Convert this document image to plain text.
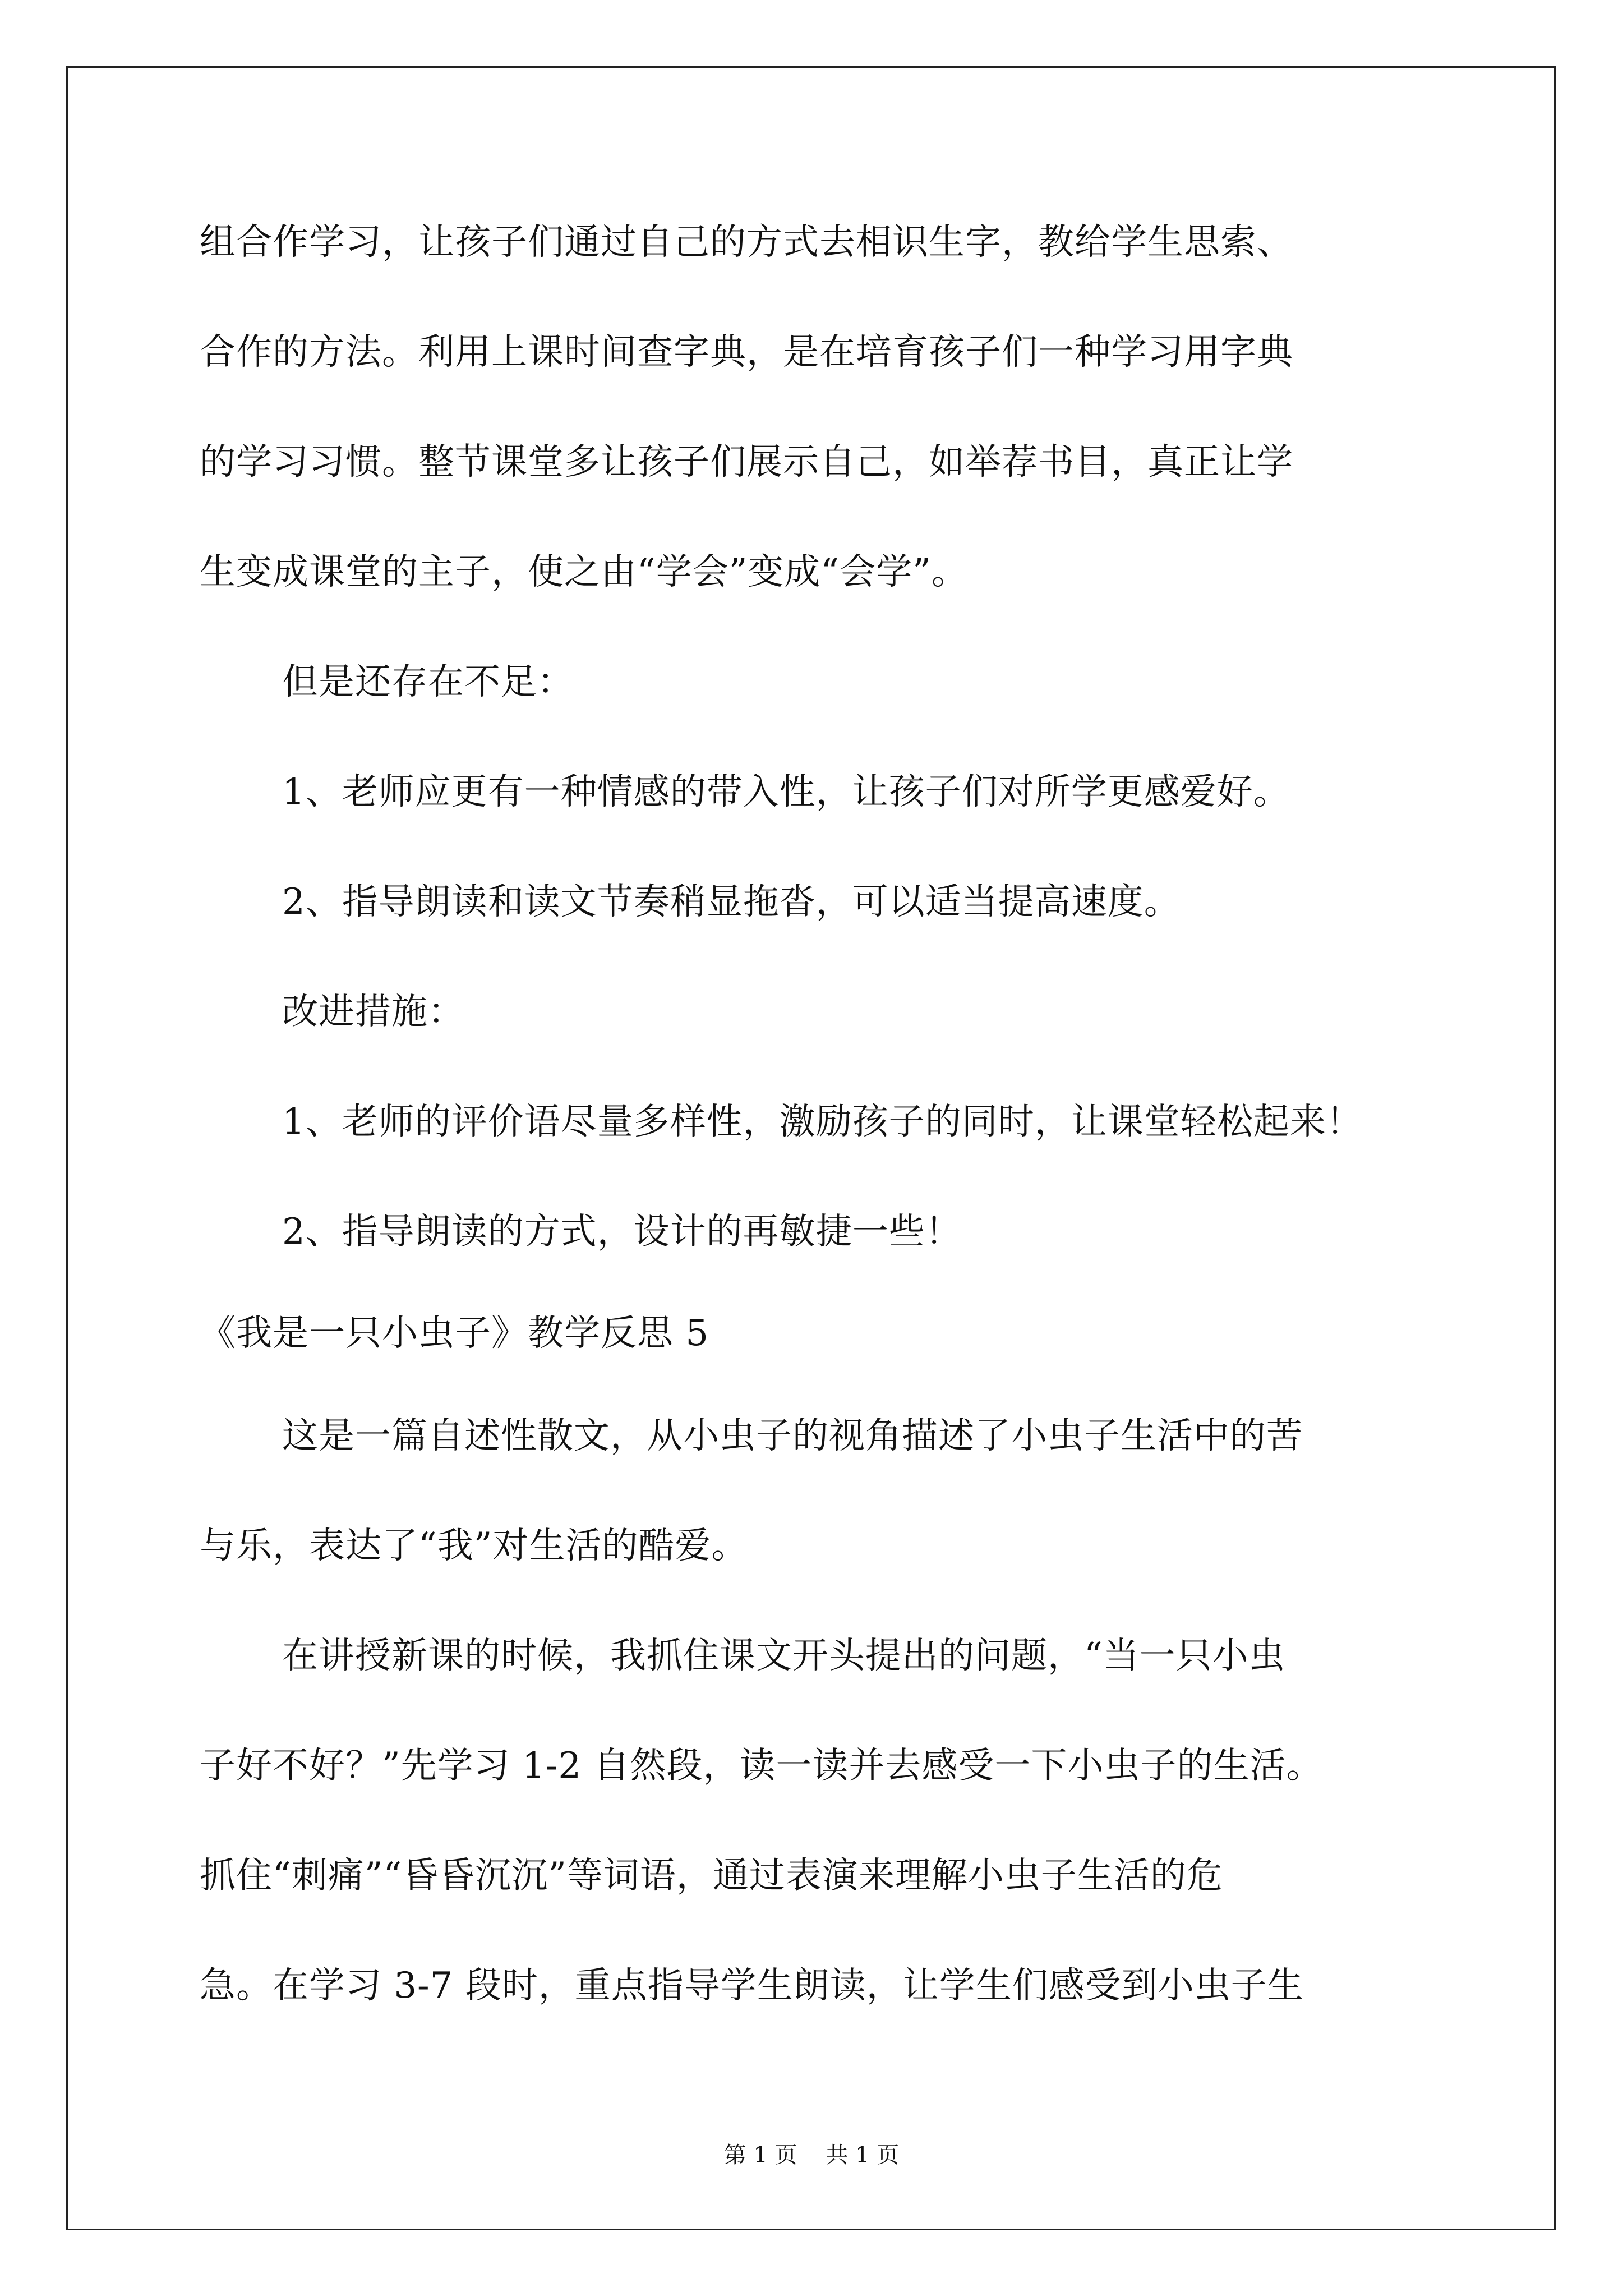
组合作学习，让孩子们通过自己的方式去相识生字，教给学生思索、
合作的方法。利用上课时间查字典，是在培育孩子们一种学习用字典
的学习习惯。整节课堂多让孩子们展示自己，如举荐书目，真正让学
生变成课堂的主子，使之由“学会”变成“会学”。
但是还存在不足：
1、老师应更有一种情感的带入性，让孩子们对所学更感爱好。
2、指导朗读和读文节奏稍显拖沓，可以适当提高速度。
改进措施：
1、老师的评价语尽量多样性，激励孩子的同时，让课堂轻松起来！
2、指导朗读的方式，设计的再敏捷一些！
《我是一只小虫子》教学反思 5
这是一篇自述性散文，从小虫子的视角描述了小虫子生活中的苦
与乐，表达了“我”对生活的酷爱。
在讲授新课的时候，我抓住课文开头提出的问题，“当一只小虫
子好不好？”先学习 1-2 自然段，读一读并去感受一下小虫子的生活。
抓住“刺痛”“昏昏沉沉”等词语，通过表演来理解小虫子生活的危
急。在学习 3-7 段时，重点指导学生朗读，让学生们感受到小虫子生
第 1 页    共 1 页
